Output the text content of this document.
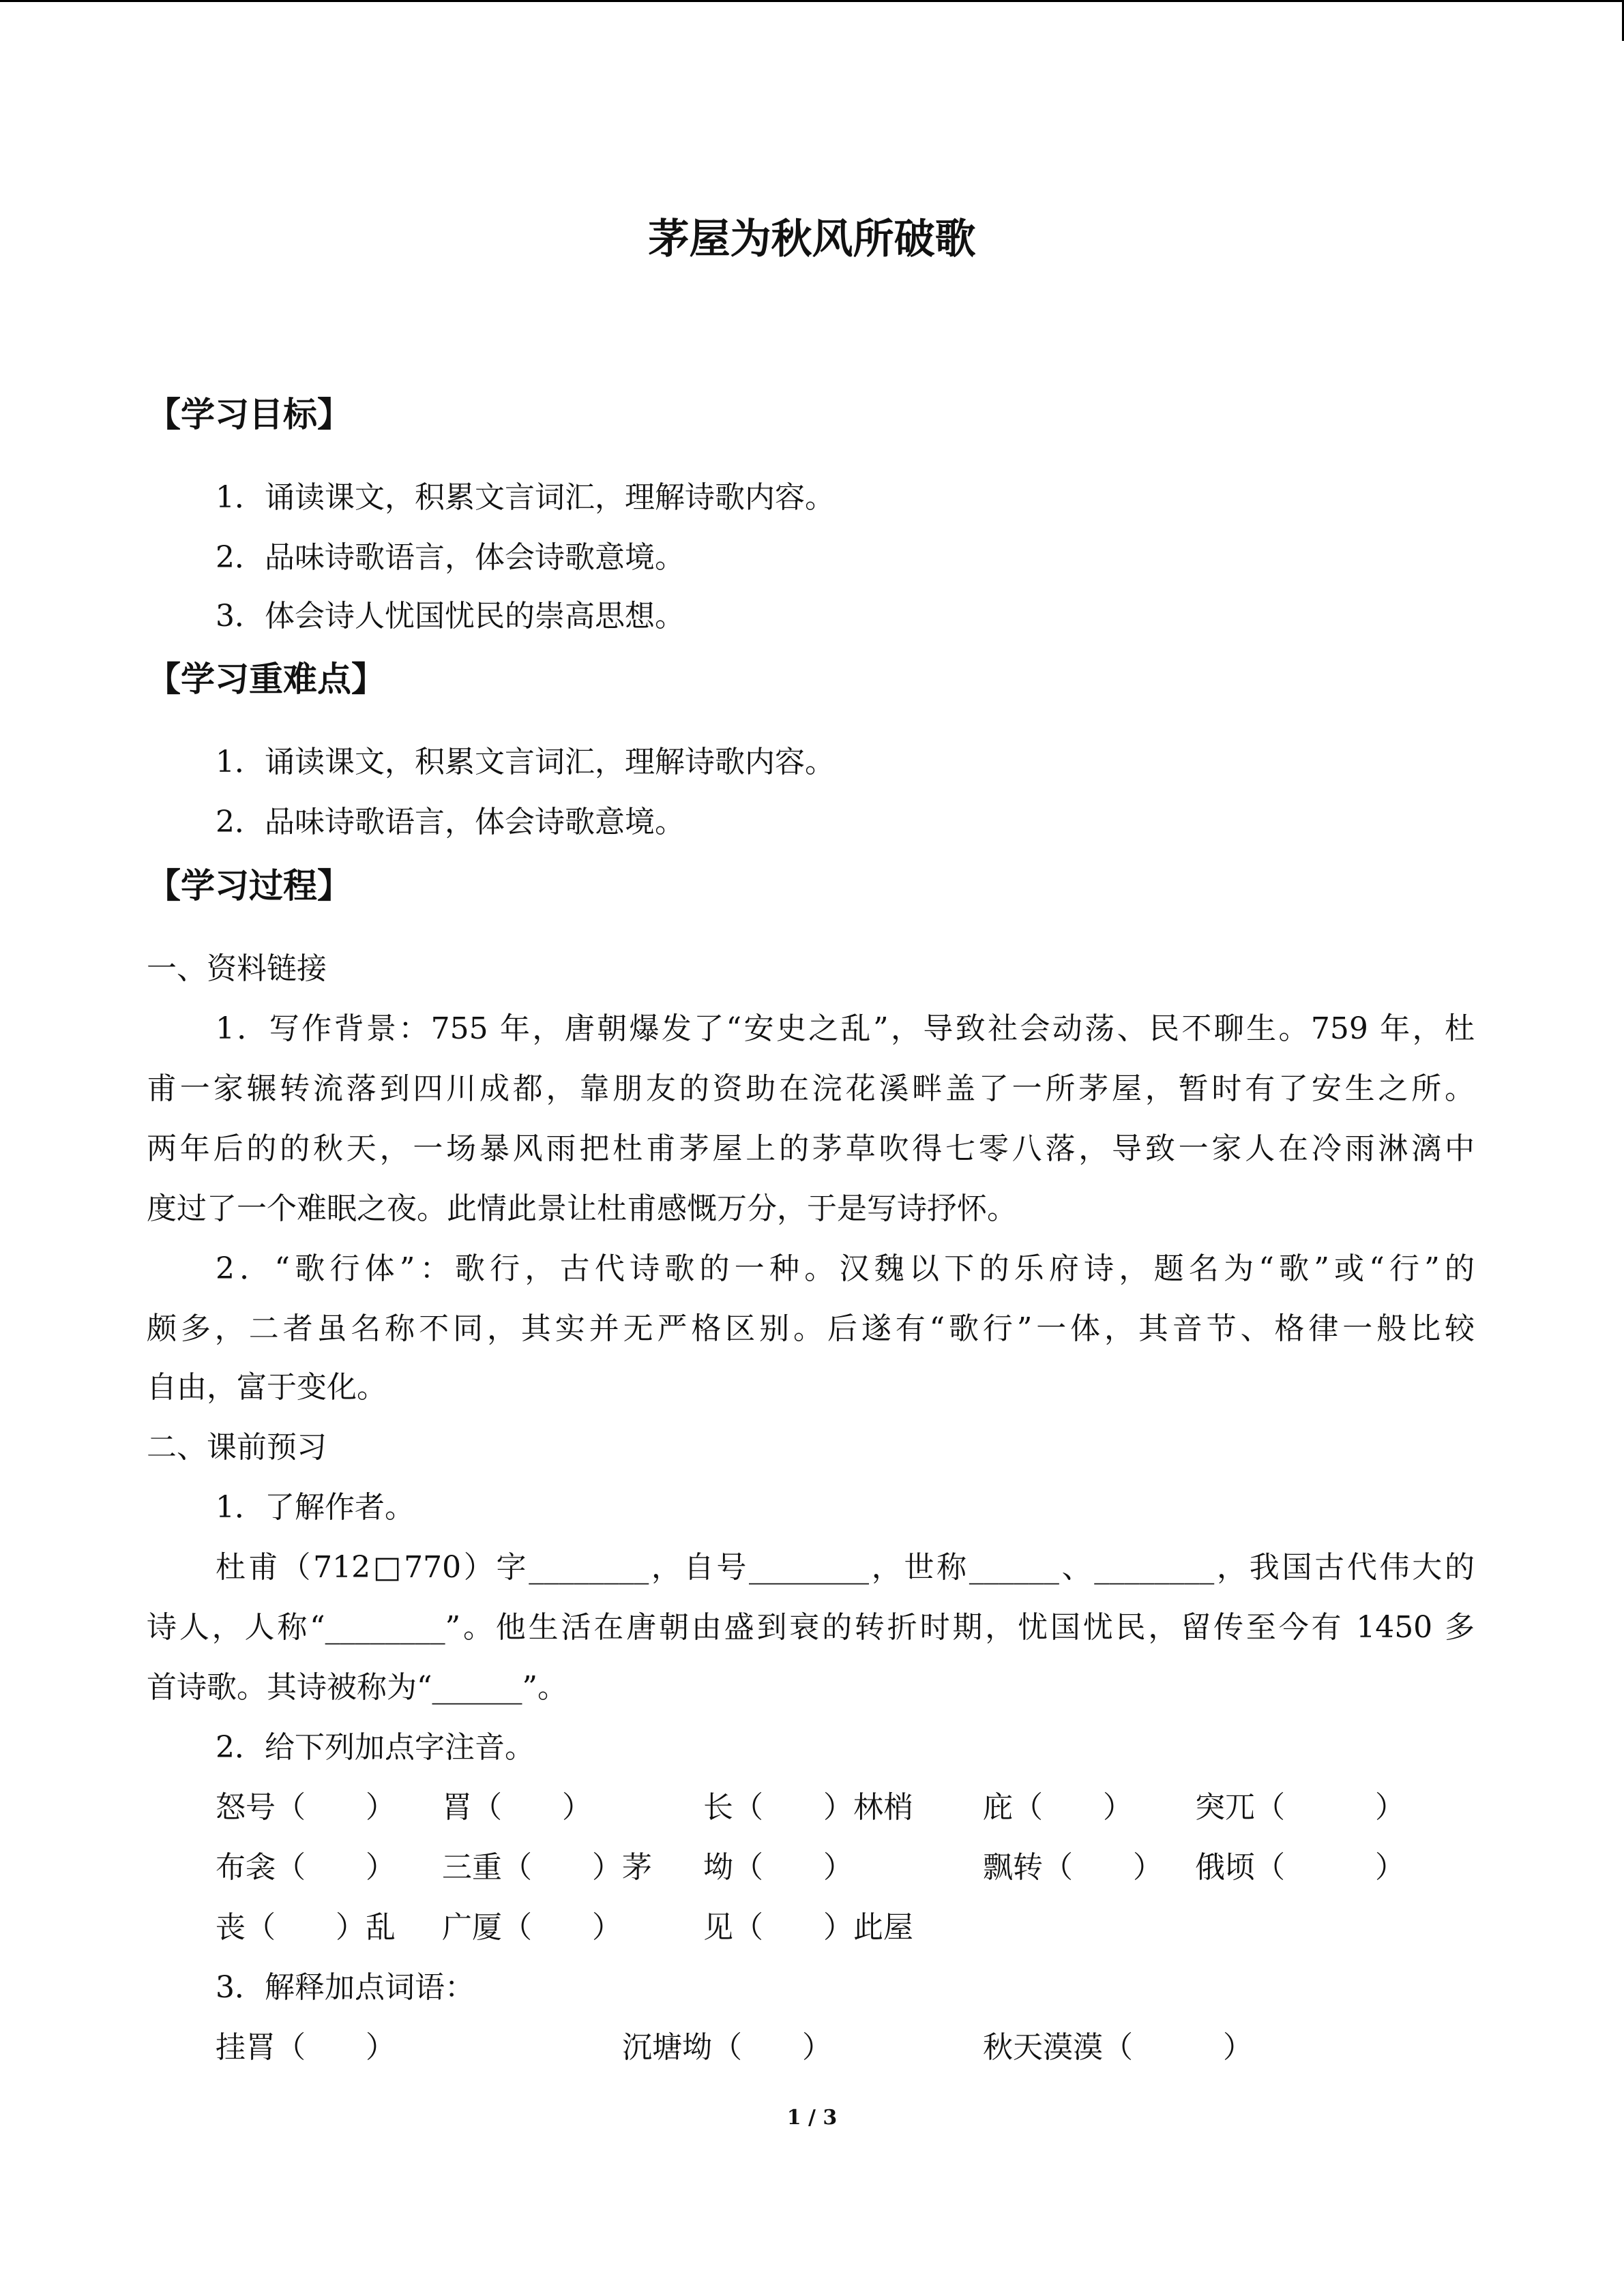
茅屋为秋风所破歌
【学习目标】
1．诵读课文，积累文言词汇，理解诗歌内容。
2．品味诗歌语言，体会诗歌意境。
3．体会诗人忧国忧民的崇高思想。
【学习重难点】
1．诵读课文，积累文言词汇，理解诗歌内容。
2．品味诗歌语言，体会诗歌意境。
【学习过程】
一、资料链接
1．写作背景：755 年，唐朝爆发了“安史之乱”，导致社会动荡、民不聊生。759 年，杜
甫一家辗转流落到四川成都，靠朋友的资助在浣花溪畔盖了一所茅屋，暂时有了安生之所。
两年后的的秋天，一场暴风雨把杜甫茅屋上的茅草吹得七零八落，导致一家人在冷雨淋漓中
度过了一个难眠之夜。此情此景让杜甫感慨万分，于是写诗抒怀。
2．“歌行体”：歌行，古代诗歌的一种。汉魏以下的乐府诗，题名为“歌”或“行”的
颇多，二者虽名称不同，其实并无严格区别。后遂有“歌行”一体，其音节、格律一般比较
自由，富于变化。
二、课前预习
1．了解作者。
杜甫（712□770）字________，自号________，世称______、________，我国古代伟大的
诗人，人称“________”。他生活在唐朝由盛到衰的转折时期，忧国忧民，留传至今有 1450 多
首诗歌。其诗被称为“______”。
2．给下列加点字注音。
怒号（　　） 罥（　　）	长（　　）林梢 庇（　　） 突兀（　　　）
布衾（　　） 三重（　　）茅 坳（　　）	飘转（　　） 俄顷（　　　）
丧（　　）乱 广厦（　　）	见（　　）此屋
3．解释加点词语：
挂罥（　　）	沉塘坳（　　）	秋天漠漠（　　　）
1 / 3
